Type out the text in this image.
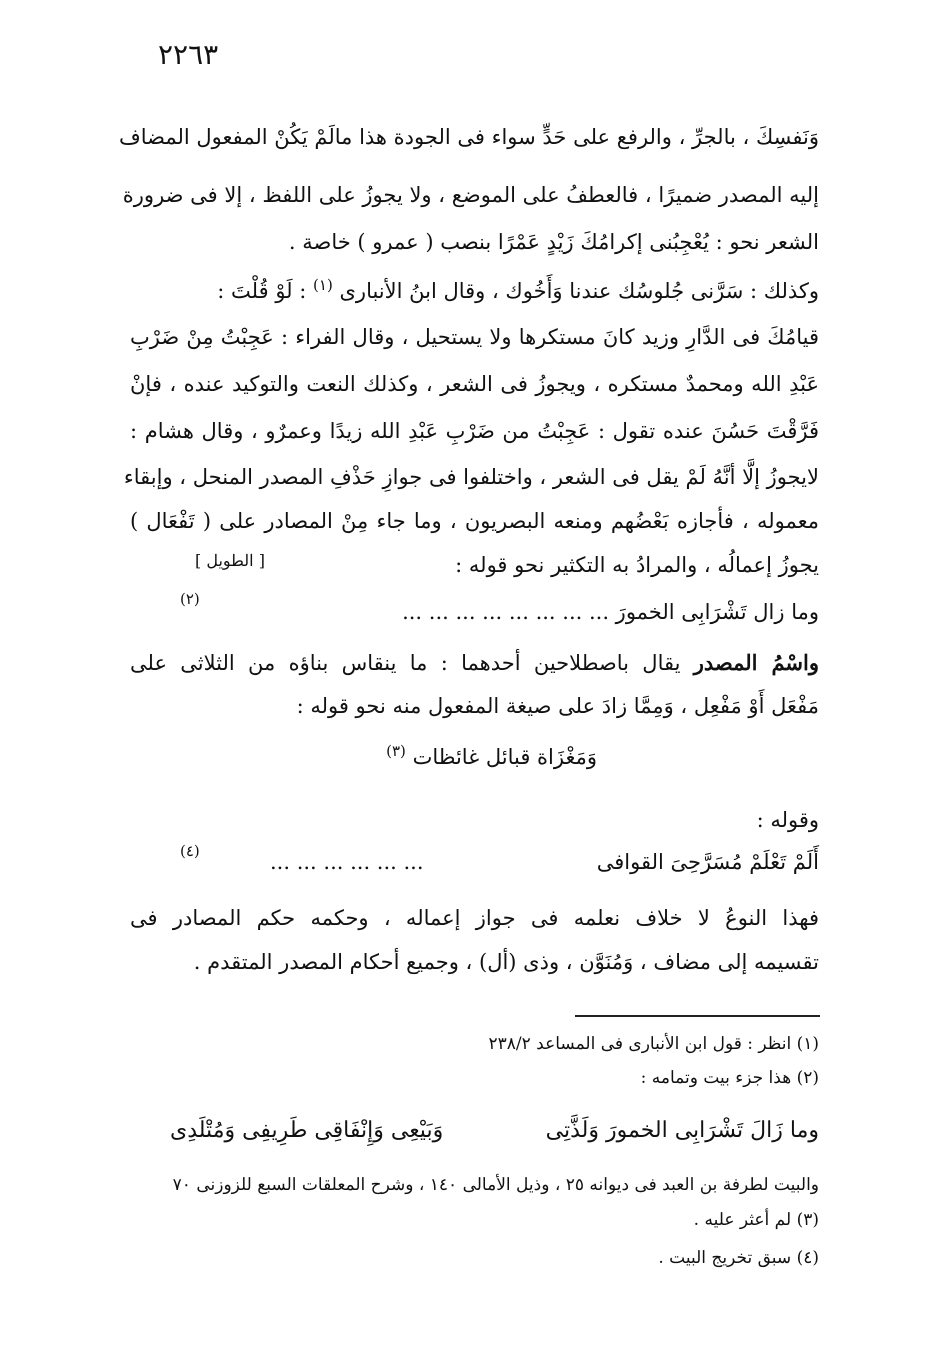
٢٢٦٣
وَنَفسِكَ ، بالجرِّ ، والرفع على حَدٍّ سواء فى الجودة هذا مالَمْ يَكُنْ المفعول المضاف
إليه المصدر ضميرًا ، فالعطفُ على الموضع ، ولا يجوزُ على اللفظ ، إلا فى ضرورة
الشعر نحو : يُعْجِبُنى إكرامُكَ زَيْدٍ عَمْرًا بنصب ( عمرو ) خاصة .
وكذلك : سَرَّنى جُلوسُك عندنا وَأَخُوك ، وقال ابنُ الأنبارى $^{(١)}$ : لَوْ قُلْتَ :
قيامُكَ فى الدَّارِ وزيد كانَ مستكرها ولا يستحيل ، وقال الفراء : عَجِبْتُ مِنْ ضَرْبِ
عَبْدِ الله ومحمدٌ مستكره ، ويجوزُ فى الشعر ، وكذلك النعت والتوكيد عنده ، فإنْ
فَرَّقْتَ حَسُنَ عنده تقول : عَجِبْتُ من ضَرْبِ عَبْدِ الله زيدًا وعمرٌو ، وقال هشام :
لايجوزُ إلَّا أنَّهُ لَمْ يقل فى الشعر ، واختلفوا فى جوازِ حَذْفِ المصدر المنحل ، وإبقاء
معموله ، فأجازه بَعْضُهم ومنعه البصريون ، وما جاء مِنْ المصادر على ( تَفْعَال )
يجوزُ إعمالُه ، والمرادُ به التكثير نحو قوله :
[ الطويل ]
وما زال تَشْرَابِى الخمورَ ... ... ... ... ... ... ... ...
(٢)
واسْمُ المصدر يقال باصطلاحين أحدهما : ما ينقاس بناؤه من الثلاثى على
مَفْعَل أَوْ مَفْعِل ، وَمِمَّا زادَ على صيغة المفعول منه نحو قوله :
وَمَغْزَاة قبائل غائظات $^{(٣)}$
وقوله :
أَلَمْ تَعْلَمْ مُسَرَّحِىَ القوافى
... ... ... ... ... ...
(٤)
فهذا النوعُ لا خلاف نعلمه فى جواز إعماله ، وحكمه حكم المصادر فى
تقسيمه إلى مضاف ، وَمُنَوَّن ، وذى (أل) ، وجميع أحكام المصدر المتقدم .
(١) انظر : قول ابن الأنبارى فى المساعد ٢٣٨/٢
(٢) هذا جزء بيت وتمامه :
وما زَالَ تَشْرَابِى الخمورَ وَلَذَّتِى
وَبَيْعِى وَإِنْفَاقِى طَرِيفِى وَمُتْلَدِى
والبيت لطرفة بن العبد فى ديوانه ٢٥ ، وذيل الأمالى ١٤٠ ، وشرح المعلقات السبع للزوزنى ٧٠
(٣) لم أعثر عليه .
(٤) سبق تخريج البيت .
